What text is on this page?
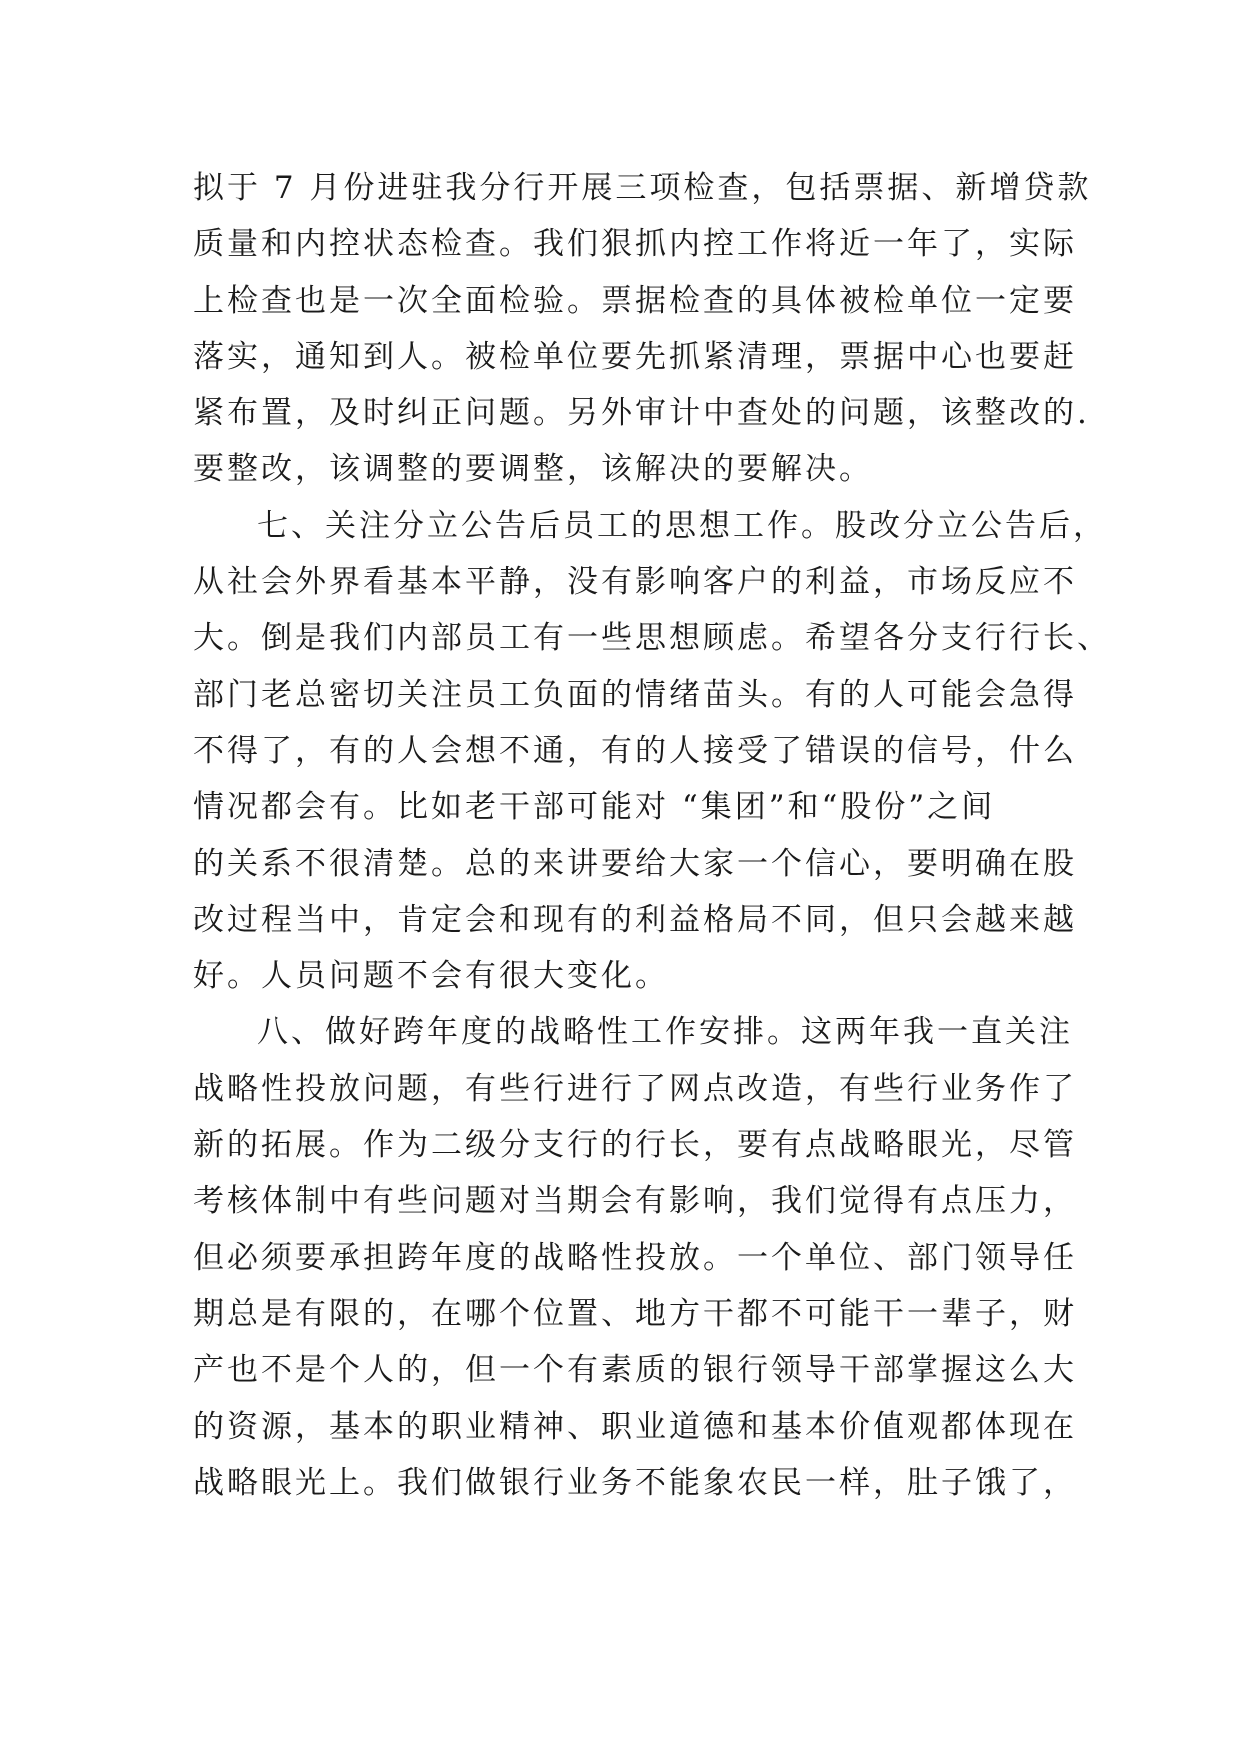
拟于 7 月份进驻我分行开展三项检查，包括票据、新增贷款
质量和内控状态检查。我们狠抓内控工作将近一年了，实际
上检查也是一次全面检验。票据检查的具体被检单位一定要
落实，通知到人。被检单位要先抓紧清理，票据中心也要赶
紧布置，及时纠正问题。另外审计中查处的问题，该整改的.
要整改，该调整的要调整，该解决的要解决。
七、关注分立公告后员工的思想工作。股改分立公告后，
从社会外界看基本平静，没有影响客户的利益，市场反应不
大。倒是我们内部员工有一些思想顾虑。希望各分支行行长、
部门老总密切关注员工负面的情绪苗头。有的人可能会急得
不得了，有的人会想不通，有的人接受了错误的信号，什么
情况都会有。比如老干部可能对 “集团”和“股份”之间
的关系不很清楚。总的来讲要给大家一个信心，要明确在股
改过程当中，肯定会和现有的利益格局不同，但只会越来越
好。人员问题不会有很大变化。
八、做好跨年度的战略性工作安排。这两年我一直关注
战略性投放问题，有些行进行了网点改造，有些行业务作了
新的拓展。作为二级分支行的行长，要有点战略眼光，尽管
考核体制中有些问题对当期会有影响，我们觉得有点压力，
但必须要承担跨年度的战略性投放。一个单位、部门领导任
期总是有限的，在哪个位置、地方干都不可能干一辈子，财
产也不是个人的，但一个有素质的银行领导干部掌握这么大
的资源，基本的职业精神、职业道德和基本价值观都体现在
战略眼光上。我们做银行业务不能象农民一样，肚子饿了，
